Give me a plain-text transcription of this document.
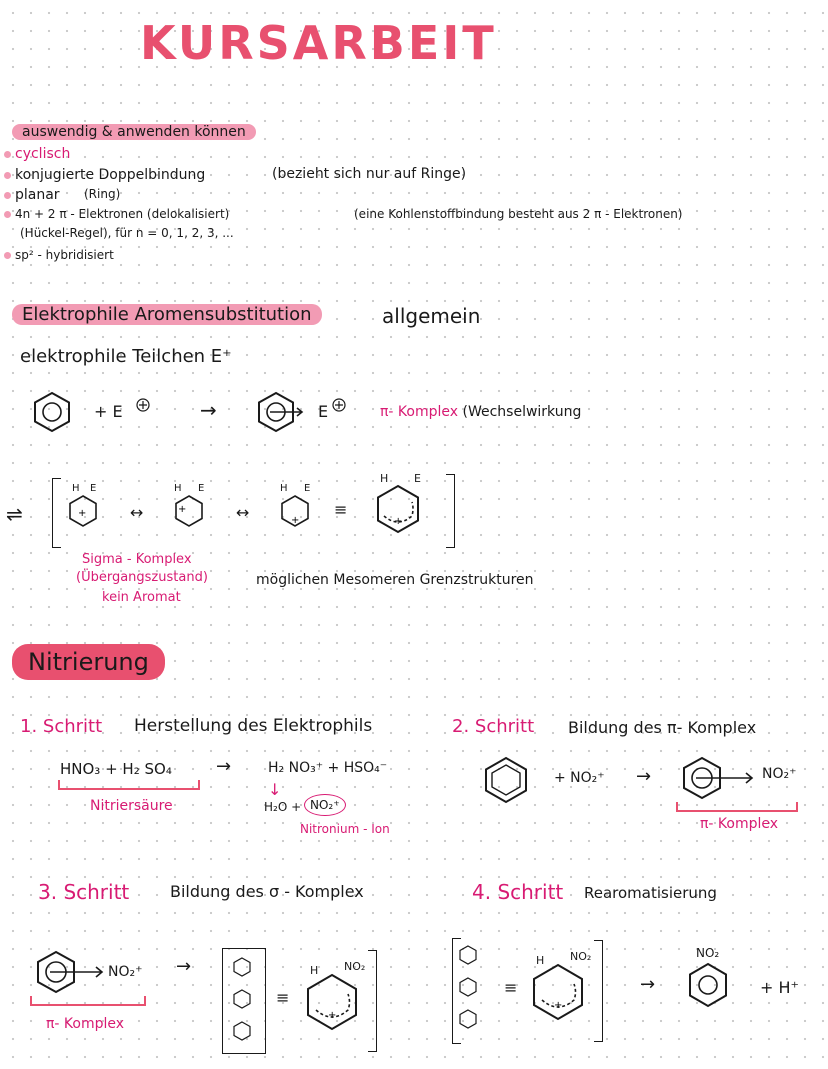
KURSARBEIT
auswendig & anwenden können
cyclisch
konjugierte Doppelbindung	(bezieht sich nur auf Ringe)
planar (Ring)
4n + 2 π - Elektronen (delokalisiert)	(eine Kohlenstoffbindung besteht aus 2 π - Elektronen)
(Hückel-Regel), für n = 0, 1, 2, 3, ...
sp² - hybridisiert
Elektrophile Aromensubstitution	allgemein
elektrophile Teilchen E⁺
+ E	→	E	π- Komplex (Wechselwirkung
⇌
H E
+	↔
H E
+	↔
H E
+
≡
H E
+
Sigma - Komplex
(Übergangszustand)	möglichen Mesomeren Grenzstrukturen
kein Aromat
Nitrierung
1. Schritt Herstellung des Elektrophils
HNO₃ + H₂ SO₄ →	H₂ NO₃⁺ + HSO₄⁻
Nitriersäure
↓
H₂O + NO₂⁺
Nitronium - Ion
2. Schritt Bildung des π- Komplex
+ NO₂⁺ →	NO₂⁺
π- Komplex
3. Schritt	Bildung des σ - Komplex
NO₂⁺
π- Komplex
→
≡
H NO₂
+
4. Schritt Rearomatisierung
≡
H NO₂
+
→
NO₂
+ H⁺
